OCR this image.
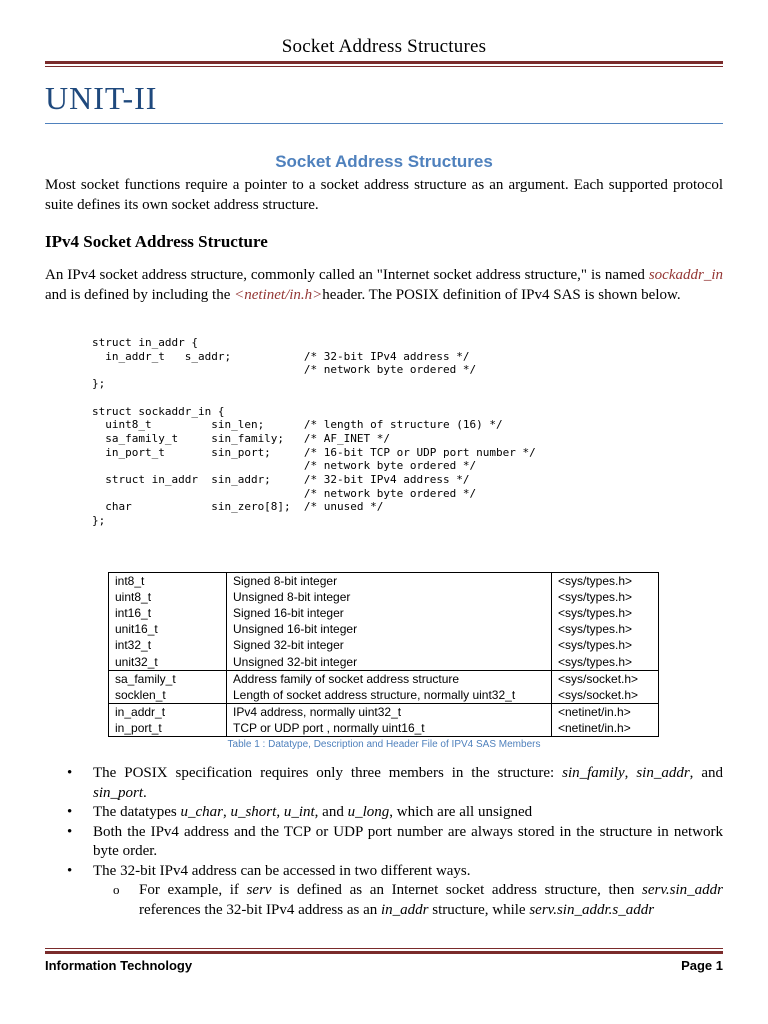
Socket Address Structures
UNIT-II
Socket Address Structures
Most socket functions require a pointer to a socket address structure as an argument. Each supported protocol suite defines its own socket address structure.
IPv4 Socket Address Structure
An IPv4 socket address structure, commonly called an "Internet socket address structure," is named sockaddr_in and is defined by including the <netinet/in.h>header. The POSIX definition of IPv4 SAS is shown below.
struct in_addr {
in_addr_t   s_addr;           /* 32-bit IPv4 address */
/* network byte ordered */
};

struct sockaddr_in {
uint8_t         sin_len;      /* length of structure (16) */
sa_family_t     sin_family;   /* AF_INET */
in_port_t       sin_port;     /* 16-bit TCP or UDP port number */
/* network byte ordered */
struct in_addr  sin_addr;     /* 32-bit IPv4 address */
/* network byte ordered */
char            sin_zero[8];  /* unused */
};
int8_t	Signed 8-bit integer	<sys/types.h>
uint8_t	Unsigned 8-bit integer	<sys/types.h>
int16_t	Signed 16-bit integer	<sys/types.h>
unit16_t	Unsigned 16-bit integer	<sys/types.h>
int32_t	Signed 32-bit integer	<sys/types.h>
unit32_t	Unsigned 32-bit integer	<sys/types.h>
sa_family_t	Address family of socket address structure	<sys/socket.h>
socklen_t	Length of socket address structure, normally uint32_t	<sys/socket.h>
in_addr_t	IPv4 address, normally uint32_t	<netinet/in.h>
in_port_t	TCP or UDP port , normally uint16_t	<netinet/in.h>
Table 1 : Datatype, Description and Header File of IPV4 SAS Members
• The POSIX specification requires only three members in the structure: sin_family, sin_addr, and sin_port.
• The datatypes u_char, u_short, u_int, and u_long, which are all unsigned
• Both the IPv4 address and the TCP or UDP port number are always stored in the structure in network byte order.
• The 32-bit IPv4 address can be accessed in two different ways.
o For example, if serv is defined as an Internet socket address structure, then serv.sin_addr references the 32-bit IPv4 address as an in_addr structure, while serv.sin_addr.s_addr
Information Technology	Page 1
